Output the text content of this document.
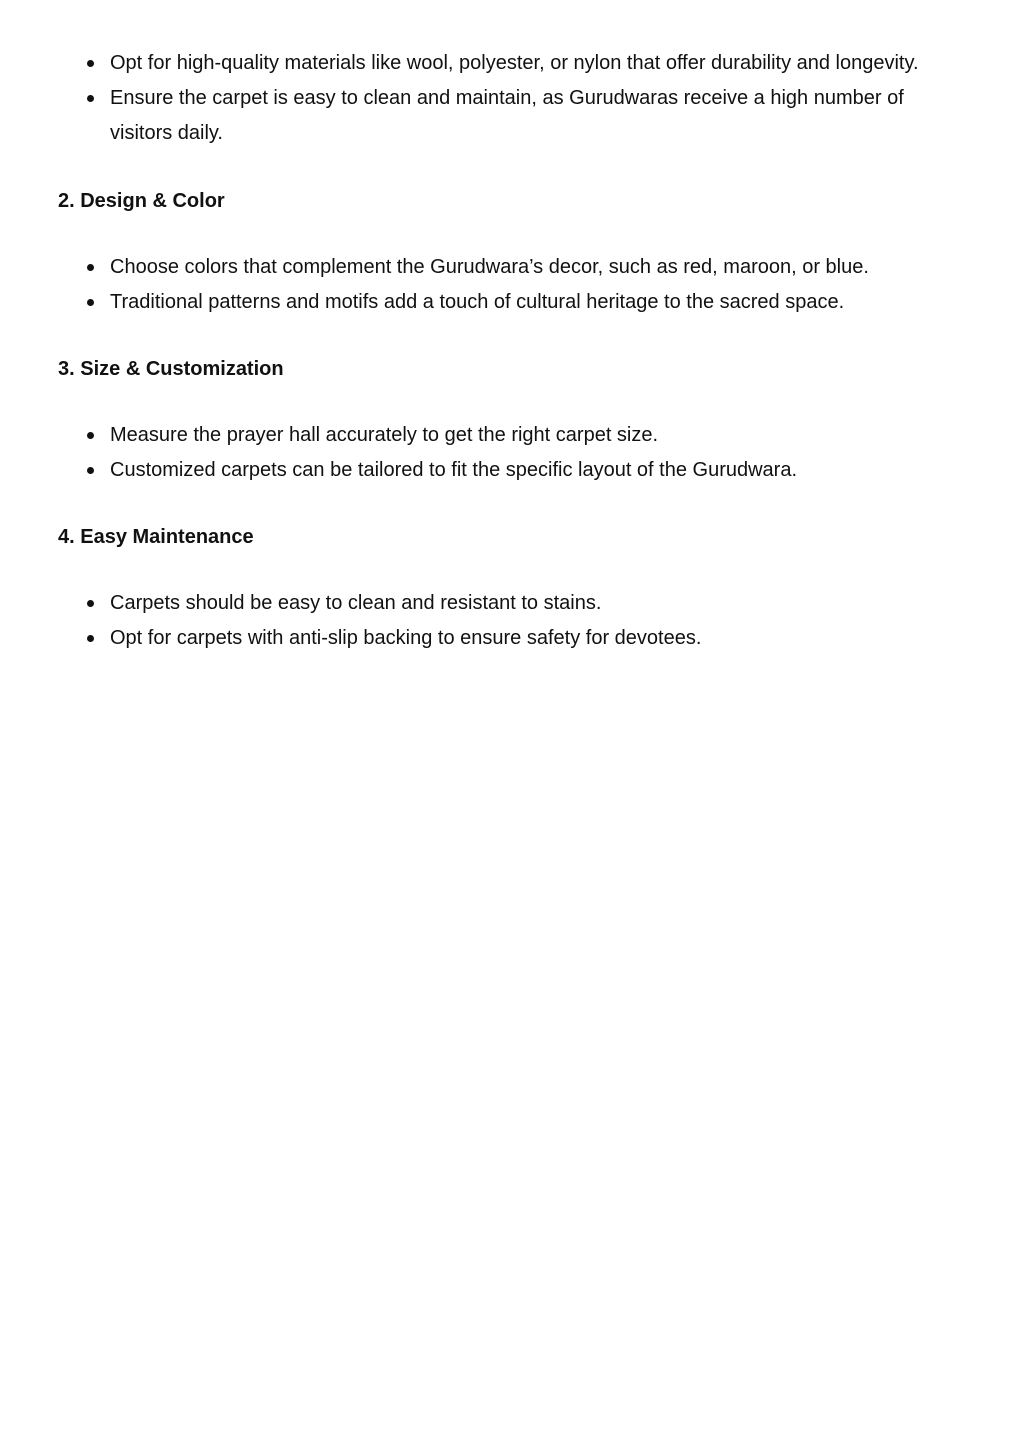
Opt for high-quality materials like wool, polyester, or nylon that offer durability and longevity.
Ensure the carpet is easy to clean and maintain, as Gurudwaras receive a high number of visitors daily.
2. Design & Color
Choose colors that complement the Gurudwara’s decor, such as red, maroon, or blue.
Traditional patterns and motifs add a touch of cultural heritage to the sacred space.
3. Size & Customization
Measure the prayer hall accurately to get the right carpet size.
Customized carpets can be tailored to fit the specific layout of the Gurudwara.
4. Easy Maintenance
Carpets should be easy to clean and resistant to stains.
Opt for carpets with anti-slip backing to ensure safety for devotees.
